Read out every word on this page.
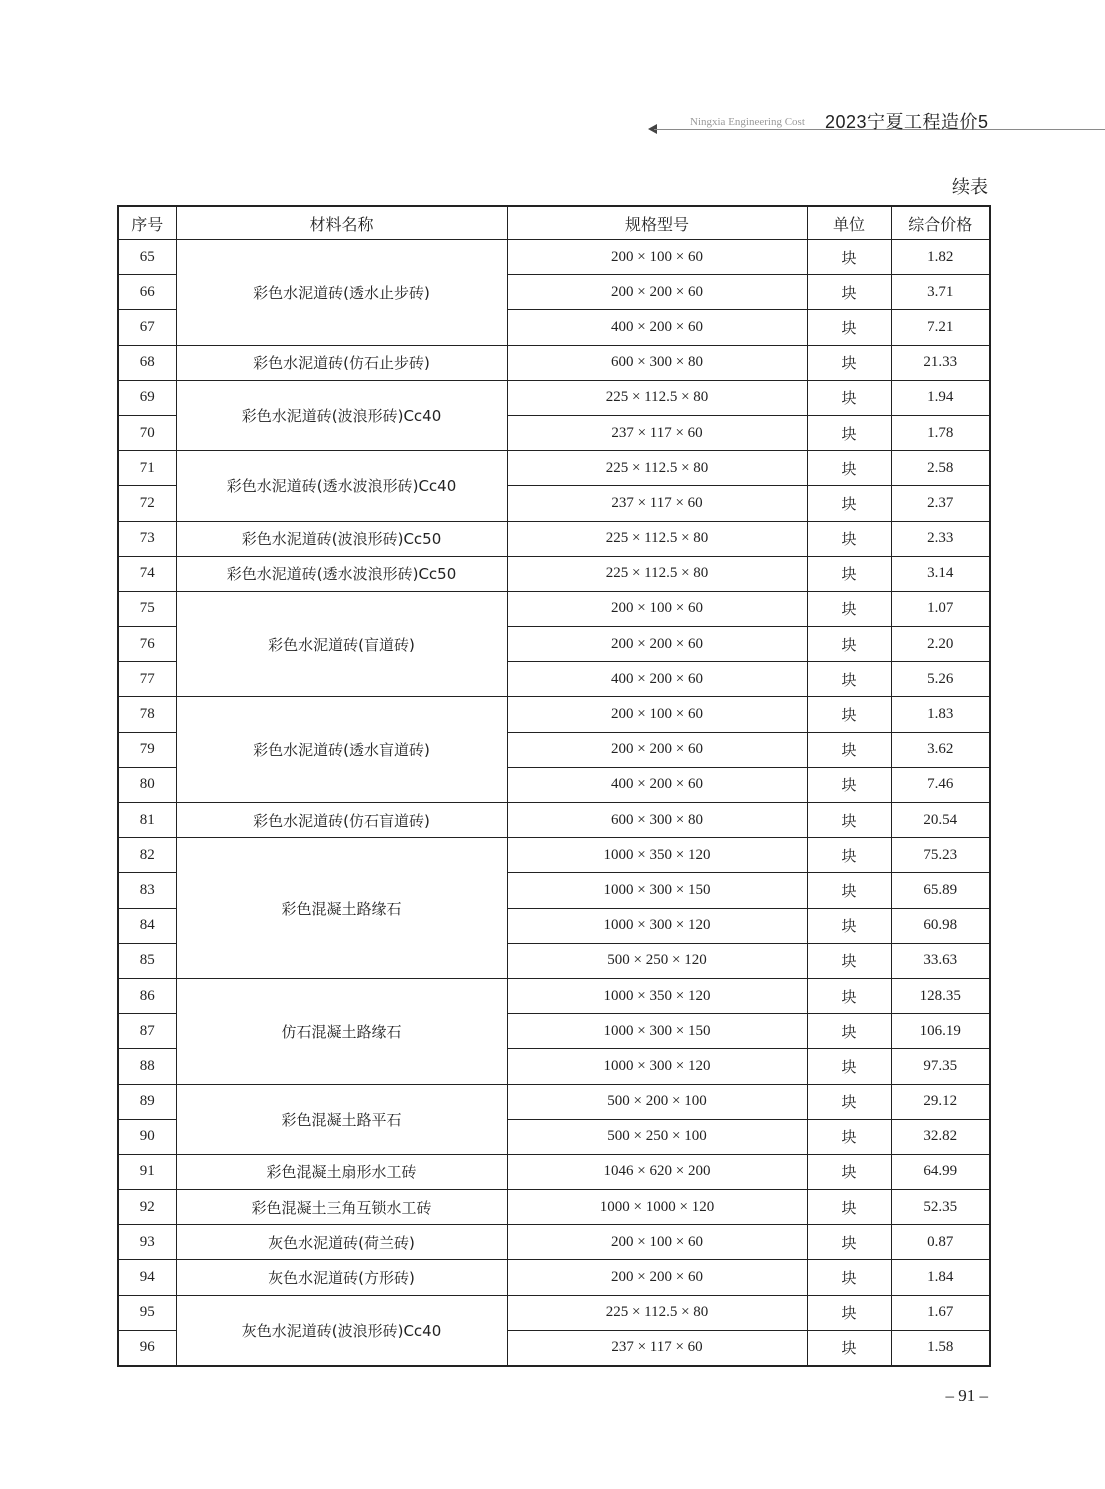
Ningxia Engineering Cost 2023宁夏工程造价5
续表
序号	材料名称	规格型号	单位	综合价格
65	彩色水泥道砖(透水止步砖)	200 × 100 × 60	块	1.82
66		200 × 200 × 60	块	3.71
67		400 × 200 × 60	块	7.21
68	彩色水泥道砖(仿石止步砖)	600 × 300 × 80	块	21.33
69	彩色水泥道砖(波浪形砖)Cc40	225 × 112.5 × 80	块	1.94
70		237 × 117 × 60	块	1.78
71	彩色水泥道砖(透水波浪形砖)Cc40	225 × 112.5 × 80	块	2.58
72		237 × 117 × 60	块	2.37
73	彩色水泥道砖(波浪形砖)Cc50	225 × 112.5 × 80	块	2.33
74	彩色水泥道砖(透水波浪形砖)Cc50	225 × 112.5 × 80	块	3.14
75	彩色水泥道砖(盲道砖)	200 × 100 × 60	块	1.07
76		200 × 200 × 60	块	2.20
77		400 × 200 × 60	块	5.26
78	彩色水泥道砖(透水盲道砖)	200 × 100 × 60	块	1.83
79		200 × 200 × 60	块	3.62
80		400 × 200 × 60	块	7.46
81	彩色水泥道砖(仿石盲道砖)	600 × 300 × 80	块	20.54
82	彩色混凝土路缘石	1000 × 350 × 120	块	75.23
83		1000 × 300 × 150	块	65.89
84		1000 × 300 × 120	块	60.98
85		500 × 250 × 120	块	33.63
86	仿石混凝土路缘石	1000 × 350 × 120	块	128.35
87		1000 × 300 × 150	块	106.19
88		1000 × 300 × 120	块	97.35
89	彩色混凝土路平石	500 × 200 × 100	块	29.12
90		500 × 250 × 100	块	32.82
91	彩色混凝土扇形水工砖	1046 × 620 × 200	块	64.99
92	彩色混凝土三角互锁水工砖	1000 × 1000 × 120	块	52.35
93	灰色水泥道砖(荷兰砖)	200 × 100 × 60	块	0.87
94	灰色水泥道砖(方形砖)	200 × 200 × 60	块	1.84
95	灰色水泥道砖(波浪形砖)Cc40	225 × 112.5 × 80	块	1.67
96		237 × 117 × 60	块	1.58
– 91 –
